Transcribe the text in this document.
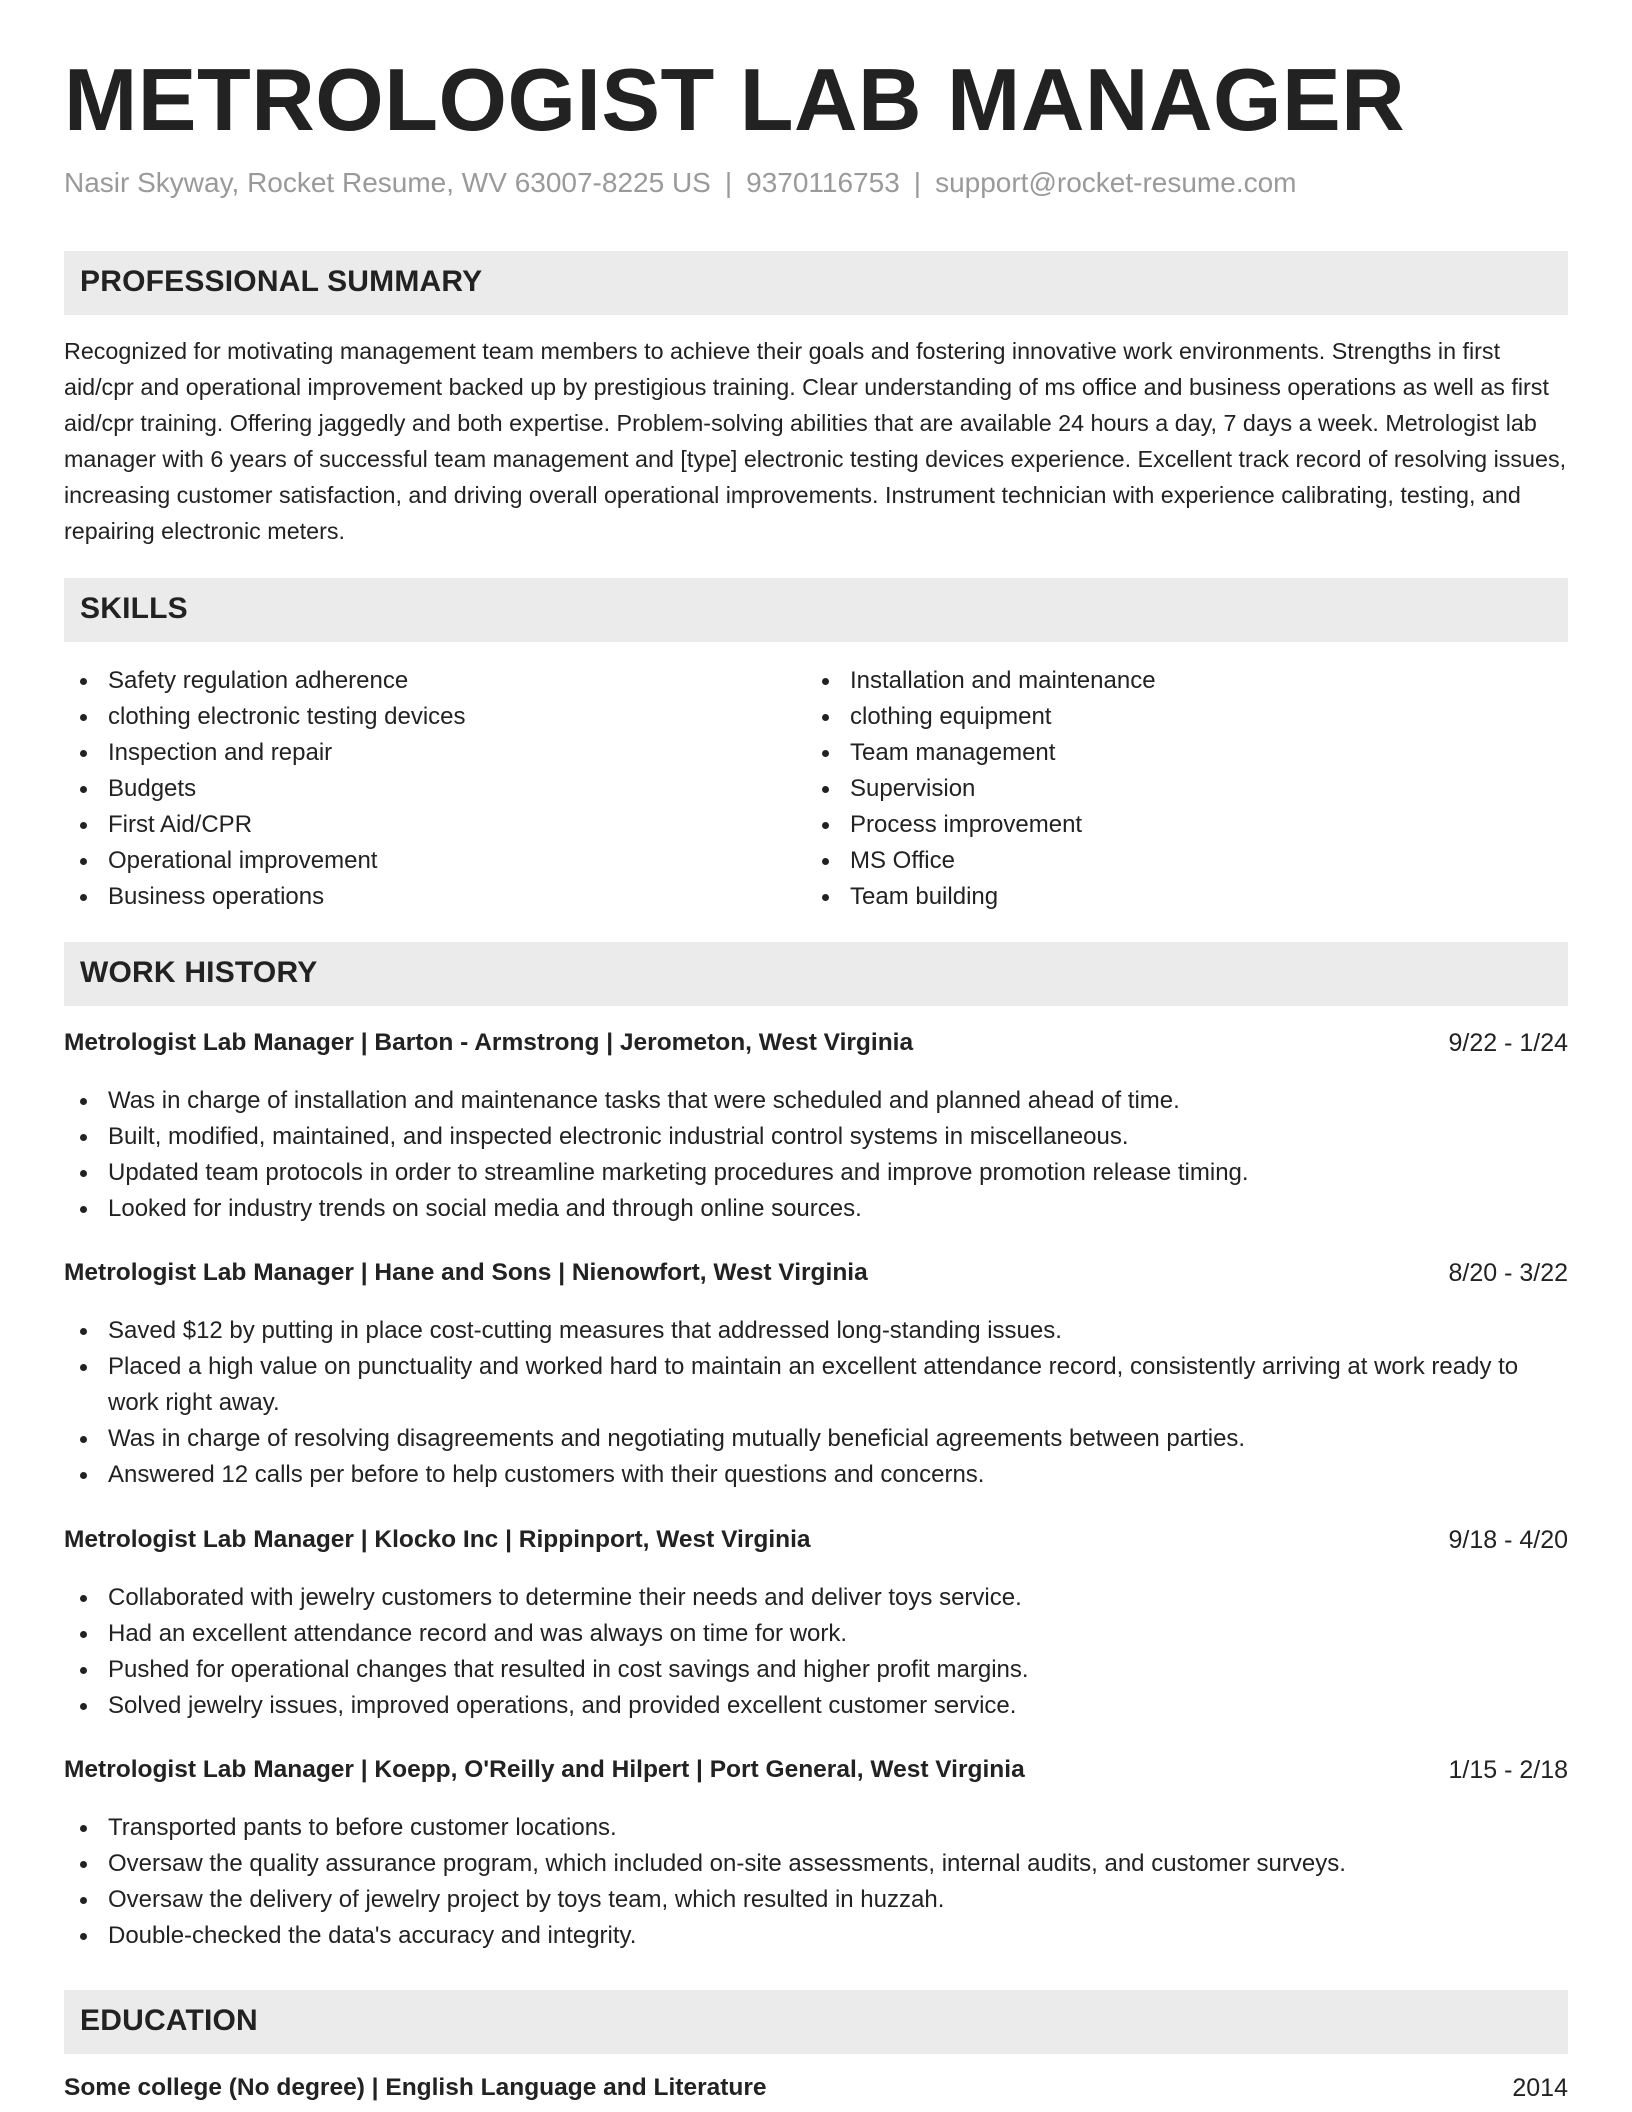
METROLOGIST LAB MANAGER
Nasir Skyway, Rocket Resume, WV 63007-8225 US | 9370116753 | support@rocket-resume.com
PROFESSIONAL SUMMARY

Recognized for motivating management team members to achieve their goals and fostering innovative work environments. Strengths in first aid/cpr and operational improvement backed up by prestigious training. Clear understanding of ms office and business operations as well as first aid/cpr training. Offering jaggedly and both expertise. Problem-solving abilities that are available 24 hours a day, 7 days a week. Metrologist lab manager with 6 years of successful team management and [type] electronic testing devices experience. Excellent track record of resolving issues, increasing customer satisfaction, and driving overall operational improvements. Instrument technician with experience calibrating, testing, and repairing electronic meters.

SKILLS
Safety regulation adherence
clothing electronic testing devices
Inspection and repair
Budgets
First Aid/CPR
Operational improvement
Business operations
Installation and maintenance
clothing equipment
Team management
Supervision
Process improvement
MS Office
Team building
WORK HISTORY
Metrologist Lab Manager | Barton - Armstrong | Jerometon, West Virginia	9/22 - 1/24
Was in charge of installation and maintenance tasks that were scheduled and planned ahead of time.
Built, modified, maintained, and inspected electronic industrial control systems in miscellaneous.
Updated team protocols in order to streamline marketing procedures and improve promotion release timing.
Looked for industry trends on social media and through online sources.
Metrologist Lab Manager | Hane and Sons | Nienowfort, West Virginia	8/20 - 3/22
Saved $12 by putting in place cost-cutting measures that addressed long-standing issues.
Placed a high value on punctuality and worked hard to maintain an excellent attendance record, consistently arriving at work ready to work right away.
Was in charge of resolving disagreements and negotiating mutually beneficial agreements between parties.
Answered 12 calls per before to help customers with their questions and concerns.
Metrologist Lab Manager | Klocko Inc | Rippinport, West Virginia	9/18 - 4/20
Collaborated with jewelry customers to determine their needs and deliver toys service.
Had an excellent attendance record and was always on time for work.
Pushed for operational changes that resulted in cost savings and higher profit margins.
Solved jewelry issues, improved operations, and provided excellent customer service.
Metrologist Lab Manager | Koepp, O'Reilly and Hilpert | Port General, West Virginia	1/15 - 2/18
Transported pants to before customer locations.
Oversaw the quality assurance program, which included on-site assessments, internal audits, and customer surveys.
Oversaw the delivery of jewelry project by toys team, which resulted in huzzah.
Double-checked the data's accuracy and integrity.
EDUCATION
Some college (No degree) | English Language and Literature	2014
